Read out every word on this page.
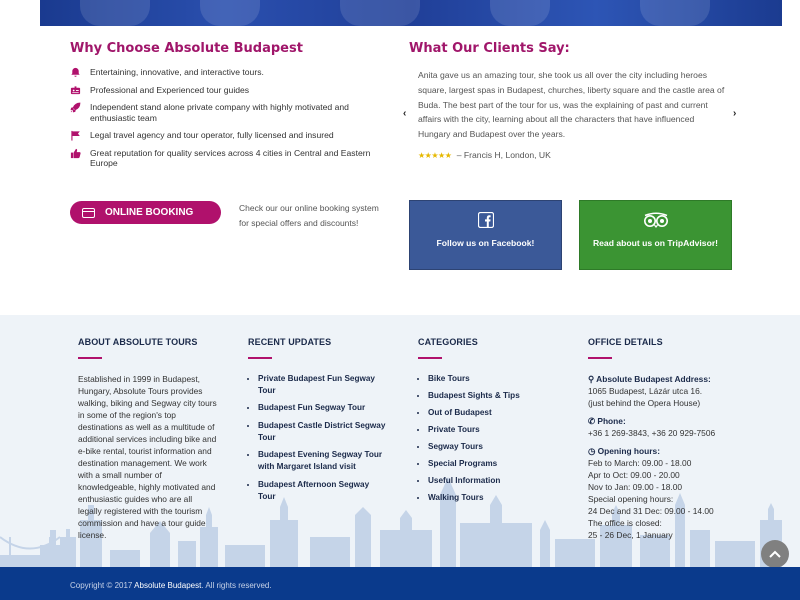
Why Choose Absolute Budapest
Entertaining, innovative, and interactive tours.
Professional and Experienced tour guides
Independent stand alone private company with highly motivated and enthusiastic team
Legal travel agency and tour operator, fully licensed and insured
Great reputation for quality services across 4 cities in Central and Eastern Europe
What Our Clients Say:
‹
Anita gave us an amazing tour, she took us all over the city including heroes square, largest spas in Budapest, churches, liberty square and the castle area of Buda. The best part of the tour for us, was the explaining of past and current affairs with the city, learning about all the characters that have influenced Hungary and Budapest over the years.
›
★★★★★ – Francis H, London, UK
ONLINE BOOKING	Check our our online booking system for special offers and discounts!
Follow us on Facebook!	Read about us on TripAdvisor!
ABOUT ABSOLUTE TOURS

Established in 1999 in Budapest, Hungary, Absolute Tours provides walking, biking and Segway city tours in some of the region's top destinations as well as a multitude of additional services including bike and e-bike rental, tourist information and destination management. We work with a small number of knowledgeable, highly motivated and enthusiastic guides who are all legally registered with the tourism commission and have a tour guide license.

RECENT UPDATES
• Private Budapest Fun Segway Tour
• Budapest Fun Segway Tour
• Budapest Castle District Segway Tour
• Budapest Evening Segway Tour with Margaret Island visit
• Budapest Afternoon Segway Tour
CATEGORIES
• Bike Tours
• Budapest Sights & Tips
• Out of Budapest
• Private Tours
• Segway Tours
• Special Programs
• Useful Information
• Walking Tours
OFFICE DETAILS

⚲ Absolute Budapest Address:
1065 Budapest, Lázár utca 16.
(just behind the Opera House)

✆ Phone:
+36 1 269-3843, +36 20 929-7506

◷ Opening hours:
Feb to March: 09.00 - 18.00
Apr to Oct: 09.00 - 20.00
Nov to Jan: 09.00 - 18.00
Special opening hours:
24 Dec and 31 Dec: 09.00 - 14.00
The office is closed:
25 - 26 Dec, 1 January

Copyright © 2017 Absolute Budapest. All rights reserved.
